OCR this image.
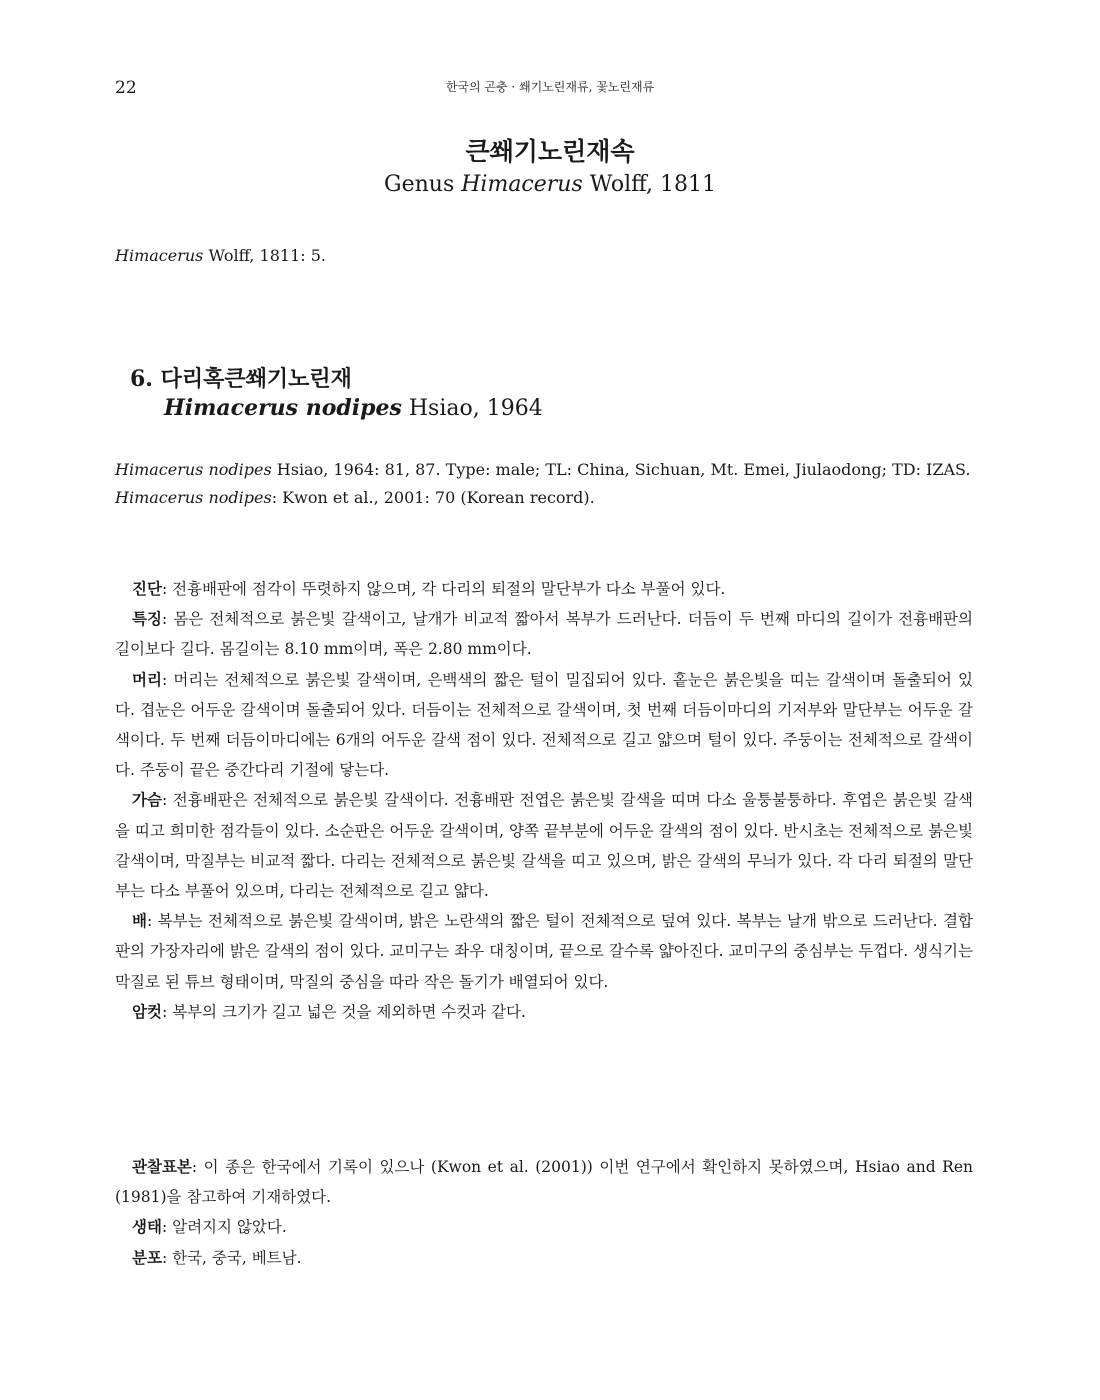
22	한국의 곤충 · 쐐기노린재류, 꽃노린재류
큰쐐기노린재속
Genus Himacerus Wolff, 1811
Himacerus Wolff, 1811: 5.
6. 다리혹큰쐐기노린재
Himacerus nodipes Hsiao, 1964

Himacerus nodipes Hsiao, 1964: 81, 87. Type: male; TL: China, Sichuan, Mt. Emei, Jiulaodong; TD: IZAS.

Himacerus nodipes: Kwon et al., 2001: 70 (Korean record).

진단: 전흉배판에 점각이 뚜렷하지 않으며, 각 다리의 퇴절의 말단부가 다소 부풀어 있다.

특징: 몸은 전체적으로 붉은빛 갈색이고, 날개가 비교적 짧아서 복부가 드러난다. 더듬이 두 번째 마디의 길이가 전흉배판의 길이보다 길다. 몸길이는 8.10 mm이며, 폭은 2.80 mm이다.

머리: 머리는 전체적으로 붉은빛 갈색이며, 은백색의 짧은 털이 밀집되어 있다. 홑눈은 붉은빛을 띠는 갈색이며 돌출되어 있다. 겹눈은 어두운 갈색이며 돌출되어 있다. 더듬이는 전체적으로 갈색이며, 첫 번째 더듬이마디의 기저부와 말단부는 어두운 갈색이다. 두 번째 더듬이마디에는 6개의 어두운 갈색 점이 있다. 전체적으로 길고 얇으며 털이 있다. 주둥이는 전체적으로 갈색이다. 주둥이 끝은 중간다리 기절에 닿는다.

가슴: 전흉배판은 전체적으로 붉은빛 갈색이다. 전흉배판 전엽은 붉은빛 갈색을 띠며 다소 울퉁불퉁하다. 후엽은 붉은빛 갈색을 띠고 희미한 점각들이 있다. 소순판은 어두운 갈색이며, 양쪽 끝부분에 어두운 갈색의 점이 있다. 반시초는 전체적으로 붉은빛 갈색이며, 막질부는 비교적 짧다. 다리는 전체적으로 붉은빛 갈색을 띠고 있으며, 밝은 갈색의 무늬가 있다. 각 다리 퇴절의 말단부는 다소 부풀어 있으며, 다리는 전체적으로 길고 얇다.

배: 복부는 전체적으로 붉은빛 갈색이며, 밝은 노란색의 짧은 털이 전체적으로 덮여 있다. 복부는 날개 밖으로 드러난다. 결합판의 가장자리에 밝은 갈색의 점이 있다. 교미구는 좌우 대칭이며, 끝으로 갈수록 얇아진다. 교미구의 중심부는 두껍다. 생식기는 막질로 된 튜브 형태이며, 막질의 중심을 따라 작은 돌기가 배열되어 있다.

암컷: 복부의 크기가 길고 넓은 것을 제외하면 수컷과 같다.

관찰표본: 이 종은 한국에서 기록이 있으나 (Kwon et al. (2001)) 이번 연구에서 확인하지 못하였으며, Hsiao and Ren (1981)을 참고하여 기재하였다.

생태: 알려지지 않았다.

분포: 한국, 중국, 베트남.
